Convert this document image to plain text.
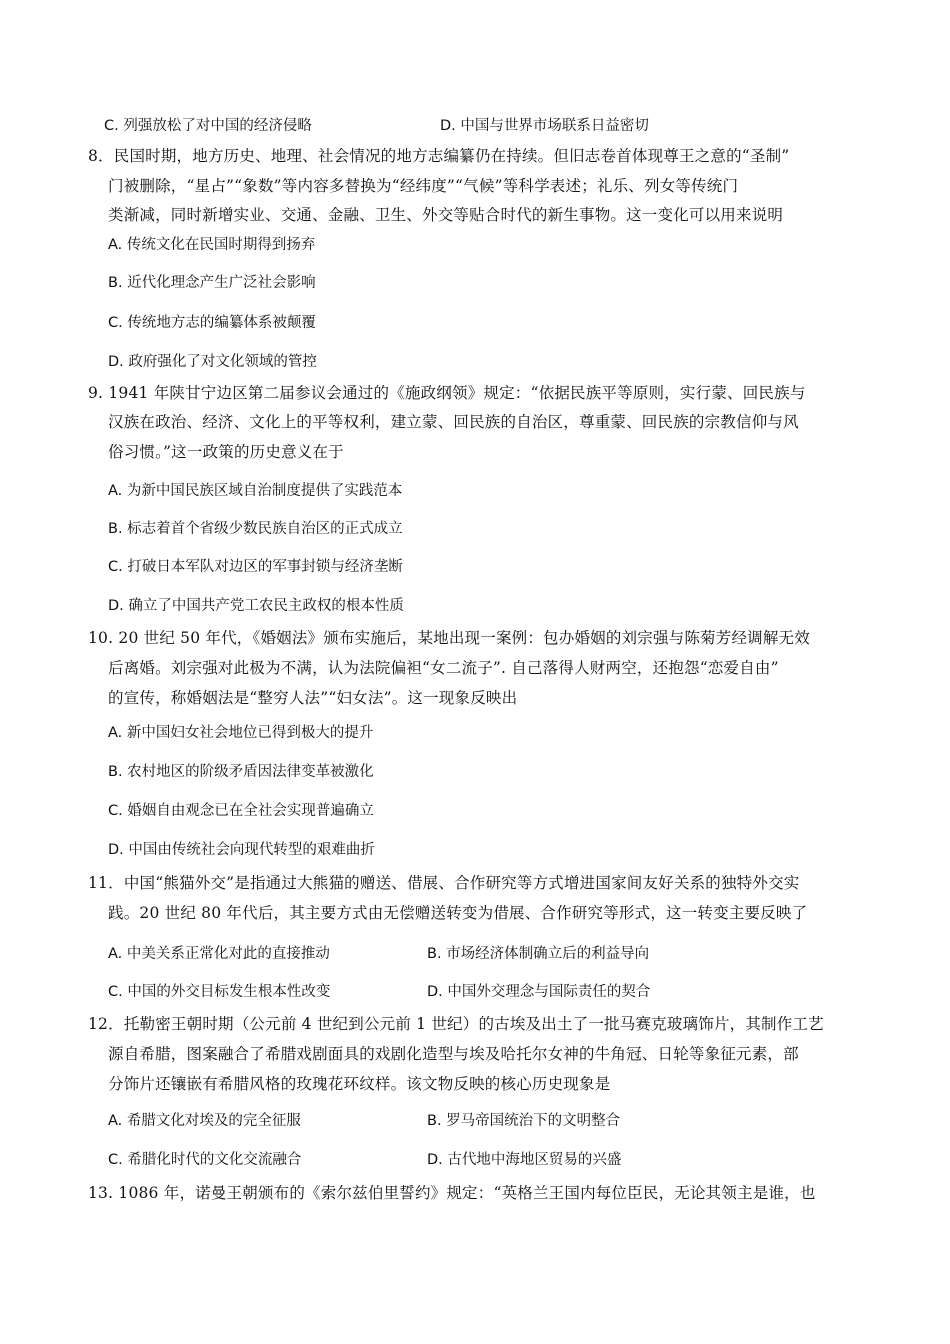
C. 列强放松了对中国的经济侵略	D. 中国与世界市场联系日益密切
8．民国时期，地方历史、地理、社会情况的地方志编纂仍在持续。但旧志卷首体现尊王之意的“圣制”
门被删除，“星占”“象数”等内容多替换为“经纬度”“气候”等科学表述；礼乐、列女等传统门
类渐减，同时新增实业、交通、金融、卫生、外交等贴合时代的新生事物。这一变化可以用来说明
A. 传统文化在民国时期得到扬弃
B. 近代化理念产生广泛社会影响
C. 传统地方志的编纂体系被颠覆
D. 政府强化了对文化领域的管控
9. 1941 年陕甘宁边区第二届参议会通过的《施政纲领》规定：“依据民族平等原则，实行蒙、回民族与
汉族在政治、经济、文化上的平等权利，建立蒙、回民族的自治区，尊重蒙、回民族的宗教信仰与风
俗习惯。”这一政策的历史意义在于
A. 为新中国民族区域自治制度提供了实践范本
B. 标志着首个省级少数民族自治区的正式成立
C. 打破日本军队对边区的军事封锁与经济垄断
D. 确立了中国共产党工农民主政权的根本性质
10. 20 世纪 50 年代，《婚姻法》颁布实施后，某地出现一案例：包办婚姻的刘宗强与陈菊芳经调解无效
后离婚。刘宗强对此极为不满，认为法院偏袒“女二流子”. 自己落得人财两空，还抱怨“恋爱自由”
的宣传，称婚姻法是“整穷人法”“妇女法”。这一现象反映出
A. 新中国妇女社会地位已得到极大的提升
B. 农村地区的阶级矛盾因法律变革被激化
C. 婚姻自由观念已在全社会实现普遍确立
D. 中国由传统社会向现代转型的艰难曲折
11．中国“熊猫外交”是指通过大熊猫的赠送、借展、合作研究等方式增进国家间友好关系的独特外交实
践。20 世纪 80 年代后，其主要方式由无偿赠送转变为借展、合作研究等形式，这一转变主要反映了
A. 中美关系正常化对此的直接推动	B. 市场经济体制确立后的利益导向
C. 中国的外交目标发生根本性改变	D. 中国外交理念与国际责任的契合
12．托勒密王朝时期（公元前 4 世纪到公元前 1 世纪）的古埃及出土了一批马赛克玻璃饰片，其制作工艺
源自希腊，图案融合了希腊戏剧面具的戏剧化造型与埃及哈托尔女神的牛角冠、日轮等象征元素，部
分饰片还镶嵌有希腊风格的玫瑰花环纹样。该文物反映的核心历史现象是
A. 希腊文化对埃及的完全征服	B. 罗马帝国统治下的文明整合
C. 希腊化时代的文化交流融合	D. 古代地中海地区贸易的兴盛
13. 1086 年，诺曼王朝颁布的《索尔兹伯里誓约》规定：“英格兰王国内每位臣民，无论其领主是谁，也
